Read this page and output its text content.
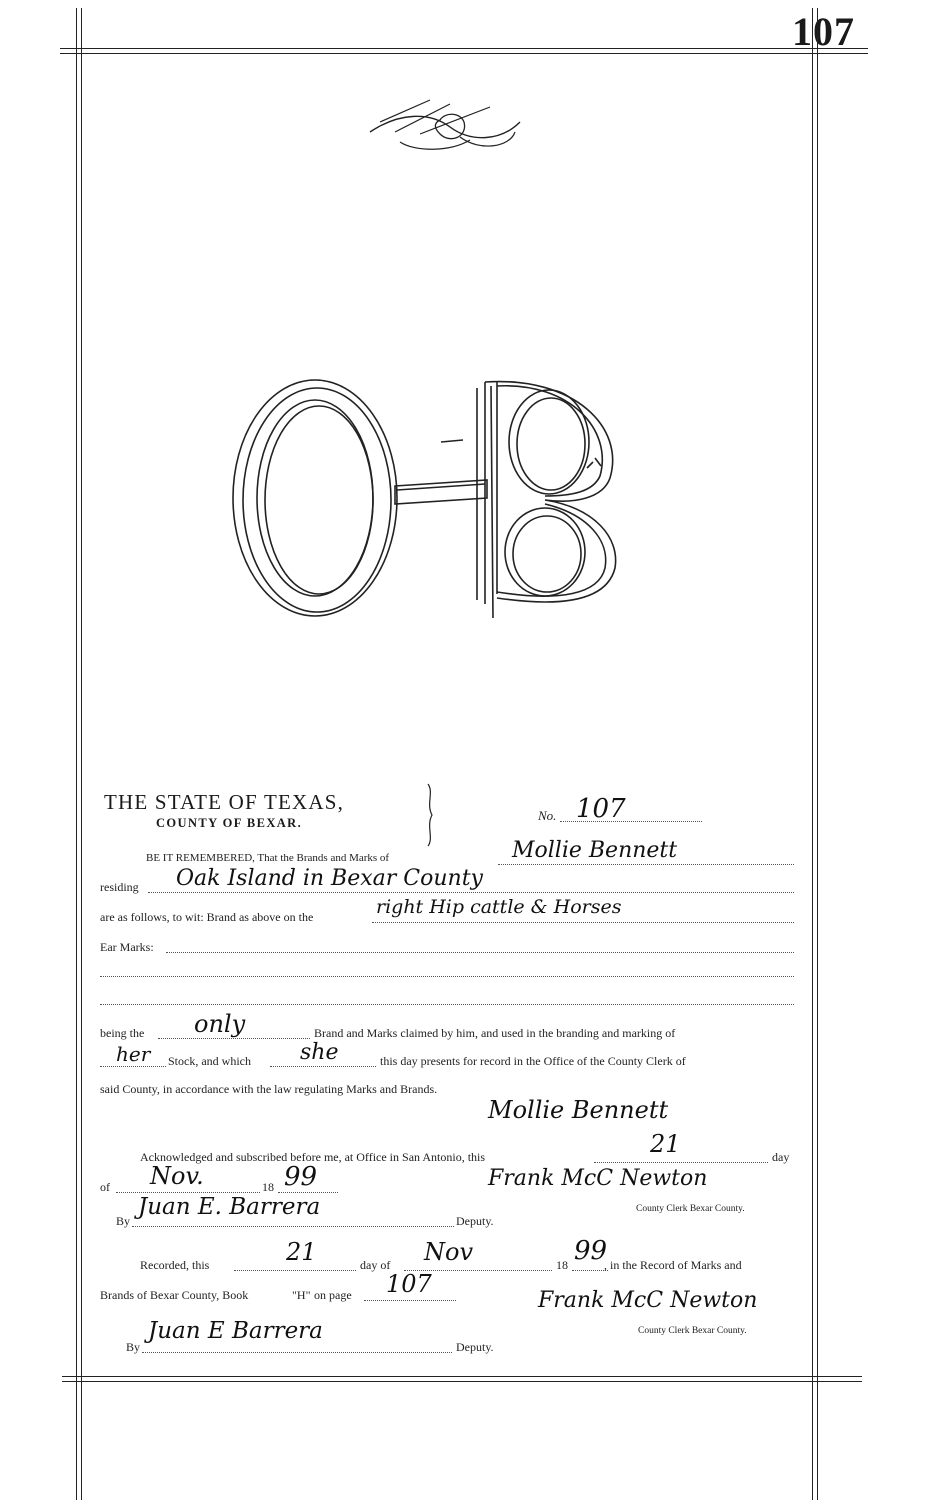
107
THE STATE OF TEXAS,
COUNTY OF BEXAR.	No. 107
BE IT REMEMBERED, That the Brands and Marks of	Mollie Bennett
residing Oak Island in Bexar County
are as follows, to wit: Brand as above on the	right Hip cattle & Horses
Ear Marks:
being the only	Brand and Marks claimed by him, and used in the branding and marking of
her Stock, and which she	this day presents for record in the Office of the County Clerk of
said County, in accordance with the law regulating Marks and Brands.
Mollie Bennett
Acknowledged and subscribed before me, at Office in San Antonio, this	21	day
of Nov.	18 99	Frank McC Newton
County Clerk Bexar County.
By
Juan E. Barrera
Deputy.
Recorded, this	21	day of Nov	18 99
, in the Record of Marks and
Brands of Bexar County, Book	"H" on page 107
Frank McC Newton
County Clerk Bexar County.
By
Juan E Barrera
Deputy.
